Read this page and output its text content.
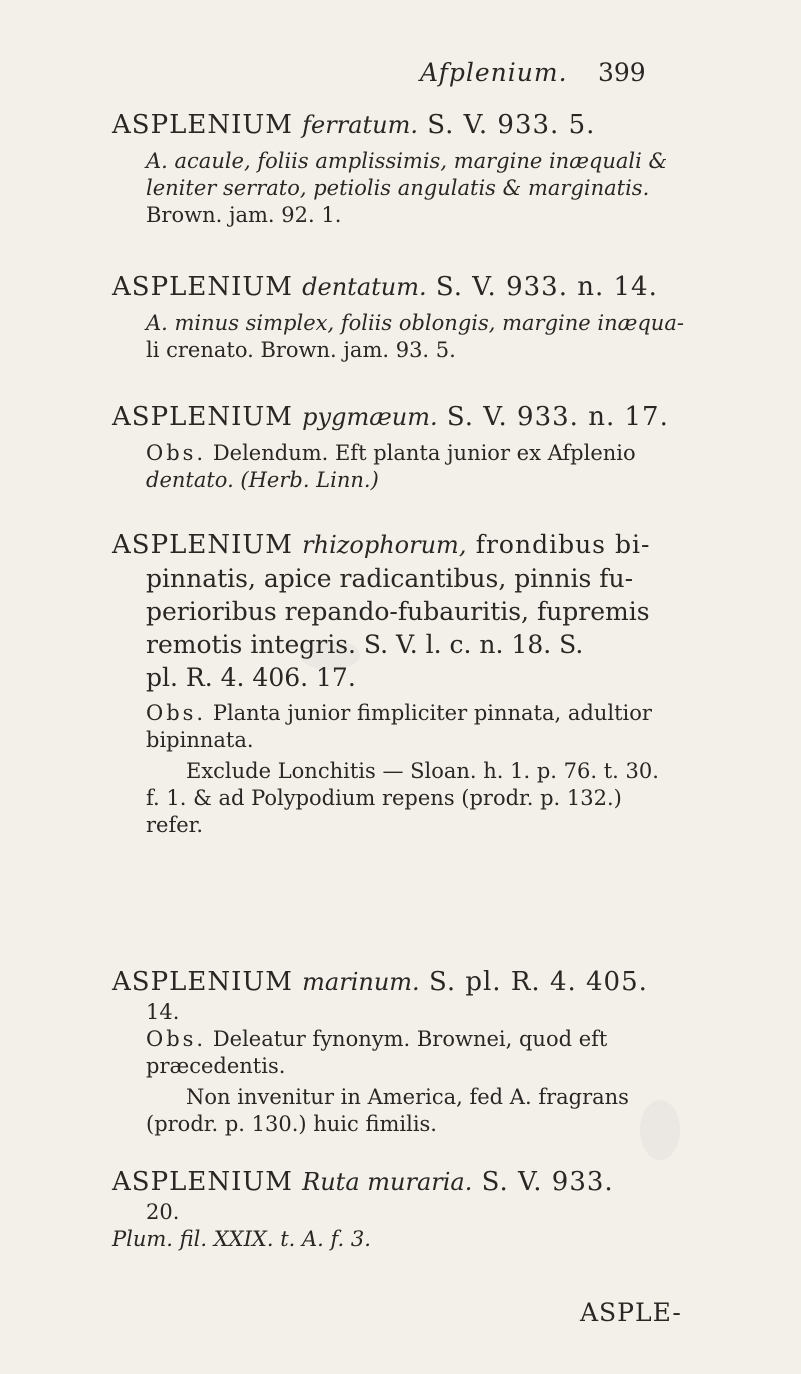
Afplenium. 399
ASPLENIUM ferratum. S. V. 933. 5.
A. acaule, foliis amplissimis, margine inæquali &
leniter serrato, petiolis angulatis & marginatis.
Brown. jam. 92. 1.
ASPLENIUM dentatum. S. V. 933. n. 14.
A. minus simplex, foliis oblongis, margine inæqua-
li crenato. Brown. jam. 93. 5.
ASPLENIUM pygmæum. S. V. 933. n. 17.
Obs. Delendum. Eft planta junior ex Afplenio
dentato. (Herb. Linn.)
ASPLENIUM rhizophorum, frondibus bi-
pinnatis, apice radicantibus, pinnis fu-
perioribus repando-fubauritis, fupremis
remotis integris. S. V. l. c. n. 18. S.
pl. R. 4. 406. 17.
Obs. Planta junior fimpliciter pinnata, adultior
bipinnata.
Exclude Lonchitis — Sloan. h. 1. p. 76. t. 30.
f. 1. & ad Polypodium repens (prodr. p. 132.)
refer.
ASPLENIUM marinum. S. pl. R. 4. 405.
14.
Obs. Deleatur fynonym. Brownei, quod eft
præcedentis.
Non invenitur in America, fed A. fragrans
(prodr. p. 130.) huic fimilis.
ASPLENIUM Ruta muraria. S. V. 933.
20.
Plum. fil. XXIX. t. A. f. 3.
ASPLE-
